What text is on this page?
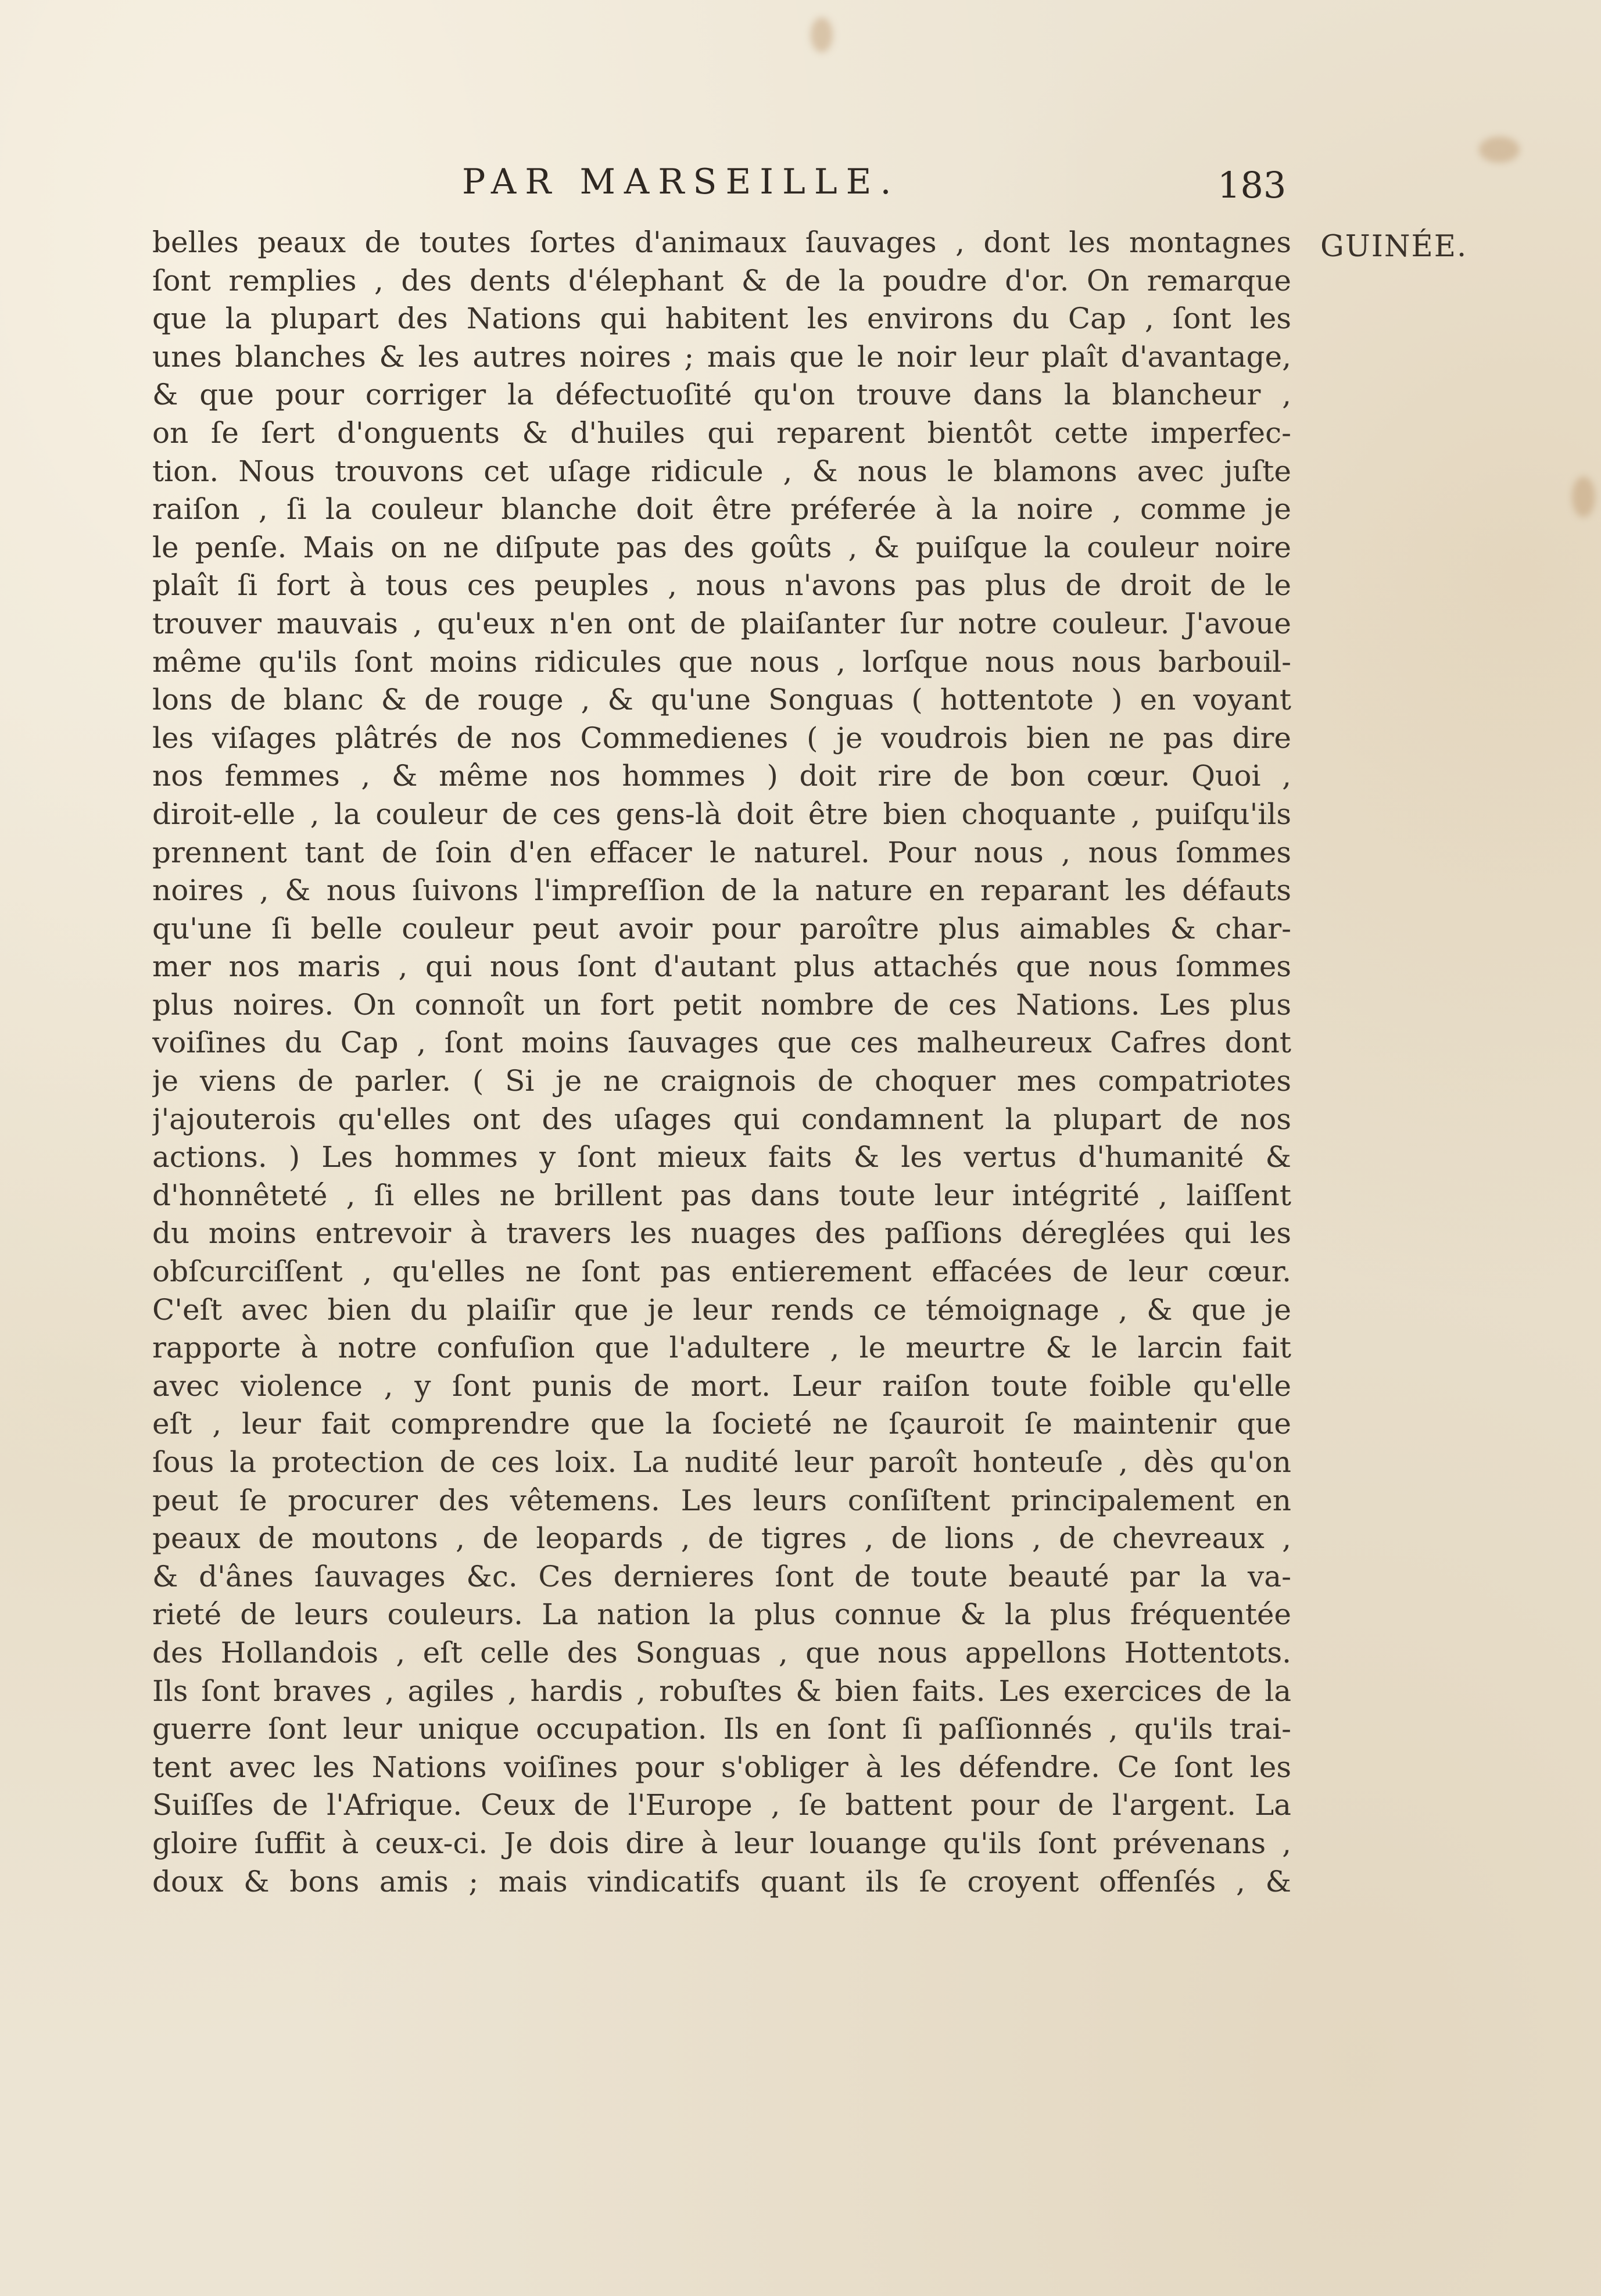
PAR MARSEILLE.	183
GUINÉE.
belles peaux de toutes ſortes d'animaux ſauvages , dont les montagnes
ſont remplies , des dents d'élephant & de la poudre d'or. On remarque
que la plupart des Nations qui habitent les environs du Cap , ſont les
unes blanches & les autres noires ; mais que le noir leur plaît d'avantage,
& que pour corriger la défectuoſité qu'on trouve dans la blancheur ,
on ſe ſert d'onguents & d'huiles qui reparent bientôt cette imperfec-
tion. Nous trouvons cet uſage ridicule , & nous le blamons avec juſte
raiſon , ſi la couleur blanche doit être préferée à la noire , comme je
le penſe. Mais on ne diſpute pas des goûts , & puiſque la couleur noire
plaît ſi fort à tous ces peuples , nous n'avons pas plus de droit de le
trouver mauvais , qu'eux n'en ont de plaiſanter ſur notre couleur. J'avoue
même qu'ils ſont moins ridicules que nous , lorſque nous nous barbouil-
lons de blanc & de rouge , & qu'une Songuas ( hottentote ) en voyant
les viſages plâtrés de nos Commedienes ( je voudrois bien ne pas dire
nos femmes , & même nos hommes ) doit rire de bon cœur. Quoi ,
diroit-elle , la couleur de ces gens-là doit être bien choquante , puiſqu'ils
prennent tant de ſoin d'en effacer le naturel. Pour nous , nous ſommes
noires , & nous ſuivons l'impreſſion de la nature en reparant les défauts
qu'une ſi belle couleur peut avoir pour paroître plus aimables & char-
mer nos maris , qui nous ſont d'autant plus attachés que nous ſommes
plus noires. On connoît un fort petit nombre de ces Nations. Les plus
voiſines du Cap , ſont moins ſauvages que ces malheureux Cafres dont
je viens de parler. ( Si je ne craignois de choquer mes compatriotes
j'ajouterois qu'elles ont des uſages qui condamnent la plupart de nos
actions. ) Les hommes y ſont mieux faits & les vertus d'humanité &
d'honnêteté , ſi elles ne brillent pas dans toute leur intégrité , laiſſent
du moins entrevoir à travers les nuages des paſſions déreglées qui les
obſcurciſſent , qu'elles ne ſont pas entierement effacées de leur cœur.
C'eſt avec bien du plaiſir que je leur rends ce témoignage , & que je
rapporte à notre confuſion que l'adultere , le meurtre & le larcin fait
avec violence , y ſont punis de mort. Leur raiſon toute foible qu'elle
eſt , leur fait comprendre que la ſocieté ne ſçauroit ſe maintenir que
ſous la protection de ces loix. La nudité leur paroît honteuſe , dès qu'on
peut ſe procurer des vêtemens. Les leurs conſiſtent principalement en
peaux de moutons , de leopards , de tigres , de lions , de chevreaux ,
& d'ânes ſauvages &c. Ces dernieres ſont de toute beauté par la va-
rieté de leurs couleurs. La nation la plus connue & la plus fréquentée
des Hollandois , eſt celle des Songuas , que nous appellons Hottentots.
Ils ſont braves , agiles , hardis , robuſtes & bien faits. Les exercices de la
guerre ſont leur unique occupation. Ils en ſont ſi paſſionnés , qu'ils trai-
tent avec les Nations voiſines pour s'obliger à les défendre. Ce ſont les
Suiſſes de l'Afrique. Ceux de l'Europe , ſe battent pour de l'argent. La
gloire ſuffit à ceux-ci. Je dois dire à leur louange qu'ils ſont prévenans ,
doux & bons amis ; mais vindicatifs quant ils ſe croyent offenſés , &
